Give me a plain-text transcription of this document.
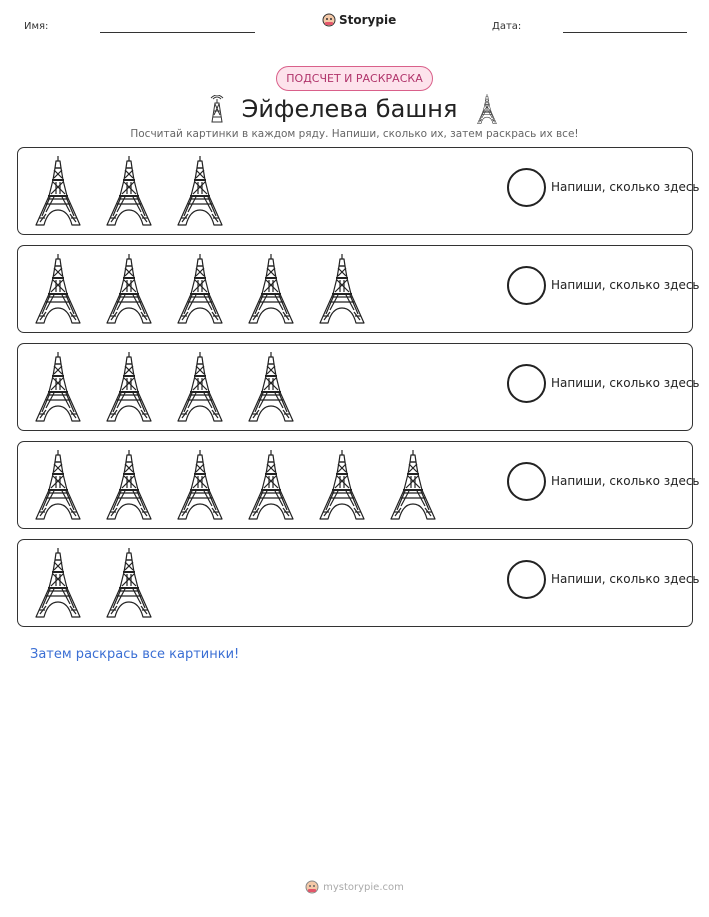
Имя:	Storypie	Дата:
ПОДСЧЕТ И РАСКРАСКА
Эйфелева башня
Посчитай картинки в каждом ряду. Напиши, сколько их, затем раскрась их все!
Напиши, сколько здесь
Напиши, сколько здесь
Напиши, сколько здесь
Напиши, сколько здесь
Напиши, сколько здесь
Затем раскрась все картинки!
mystorypie.com
